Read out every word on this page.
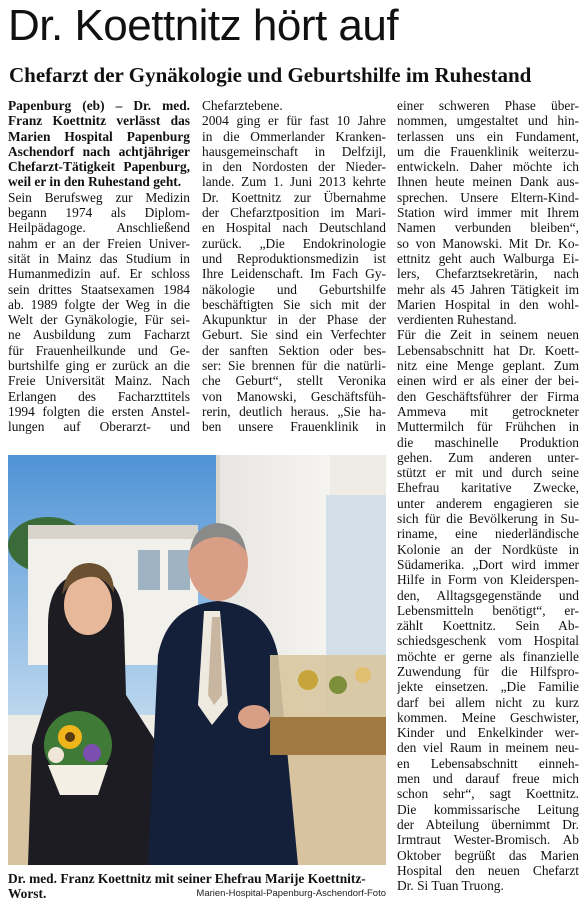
Dr. Koettnitz hört auf
Chefarzt der Gynäkologie und Geburtshilfe im Ruhestand
Papenburg (eb) – Dr. med.
Franz Koettnitz verlässt das
Marien Hospital Papenburg
Aschendorf nach achtjähriger
Chefarzt-Tätigkeit Papenburg,
weil er in den Ruhestand geht.
Sein Berufsweg zur Medizin
begann 1974 als Diplom-
Heilpädagoge. Anschließend
nahm er an der Freien Univer-
sität in Mainz das Studium in
Humanmedizin auf. Er schloss
sein drittes Staatsexamen 1984
ab. 1989 folgte der Weg in die
Welt der Gynäkologie, Für sei-
ne Ausbildung zum Facharzt
für Frauenheilkunde und Ge-
burtshilfe ging er zurück an die
Freie Universität Mainz. Nach
Erlangen des Facharzttitels
1994 folgten die ersten Anstel-
lungen auf Oberarzt- und
Chefarztebene.
2004 ging er für fast 10 Jahre
in die Ommerlander Kranken-
hausgemeinschaft in Delfzijl,
in den Nordosten der Nieder-
lande. Zum 1. Juni 2013 kehrte
Dr. Koettnitz zur Übernahme
der Chefarztposition im Mari-
en Hospital nach Deutschland
zurück. „Die Endokrinologie
und Reproduktionsmedizin ist
Ihre Leidenschaft. Im Fach Gy-
näkologie und Geburtshilfe
beschäftigten Sie sich mit der
Akupunktur in der Phase der
Geburt. Sie sind ein Verfechter
der sanften Sektion oder bes-
ser: Sie brennen für die natürli-
che Geburt“, stellt Veronika
von Manowski, Geschäftsfüh-
rerin, deutlich heraus. „Sie ha-
ben unsere Frauenklinik in
einer schweren Phase über-
nommen, umgestaltet und hin-
terlassen uns ein Fundament,
um die Frauenklinik weiterzu-
entwickeln. Daher möchte ich
Ihnen heute meinen Dank aus-
sprechen. Unsere Eltern-Kind-
Station wird immer mit Ihrem
Namen verbunden bleiben“,
so von Manowski. Mit Dr. Ko-
ettnitz geht auch Walburga Ei-
lers, Chefarztsekretärin, nach
mehr als 45 Jahren Tätigkeit im
Marien Hospital in den wohl-
verdienten Ruhestand.
Für die Zeit in seinem neuen
Lebensabschnitt hat Dr. Koett-
nitz eine Menge geplant. Zum
einen wird er als einer der bei-
den Geschäftsführer der Firma
Ammeva mit getrockneter
Muttermilch für Frühchen in
die maschinelle Produktion
gehen. Zum anderen unter-
stützt er mit und durch seine
Ehefrau karitative Zwecke,
unter anderem engagieren sie
sich für die Bevölkerung in Su-
riname, eine niederländische
Kolonie an der Nordküste in
Südamerika. „Dort wird immer
Hilfe in Form von Kleiderspen-
den, Alltagsgegenstände und
Lebensmitteln benötigt“, er-
zählt Koettnitz. Sein Ab-
schiedsgeschenk vom Hospital
möchte er gerne als finanzielle
Zuwendung für die Hilfspro-
jekte einsetzen. „Die Familie
darf bei allem nicht zu kurz
kommen. Meine Geschwister,
Kinder und Enkelkinder wer-
den viel Raum in meinem neu-
en Lebensabschnitt einneh-
men und darauf freue mich
schon sehr“, sagt Koettnitz.
Die kommissarische Leitung
der Abteilung übernimmt Dr.
Irmtraut Wester-Bromisch. Ab
Oktober begrüßt das Marien
Hospital den neuen Chefarzt
Dr. Si Tuan Truong.
Dr. med. Franz Koettnitz mit seiner Ehefrau Marije Koettnitz-
Worst.	Marien-Hospital-Papenburg-Aschendorf-Foto
